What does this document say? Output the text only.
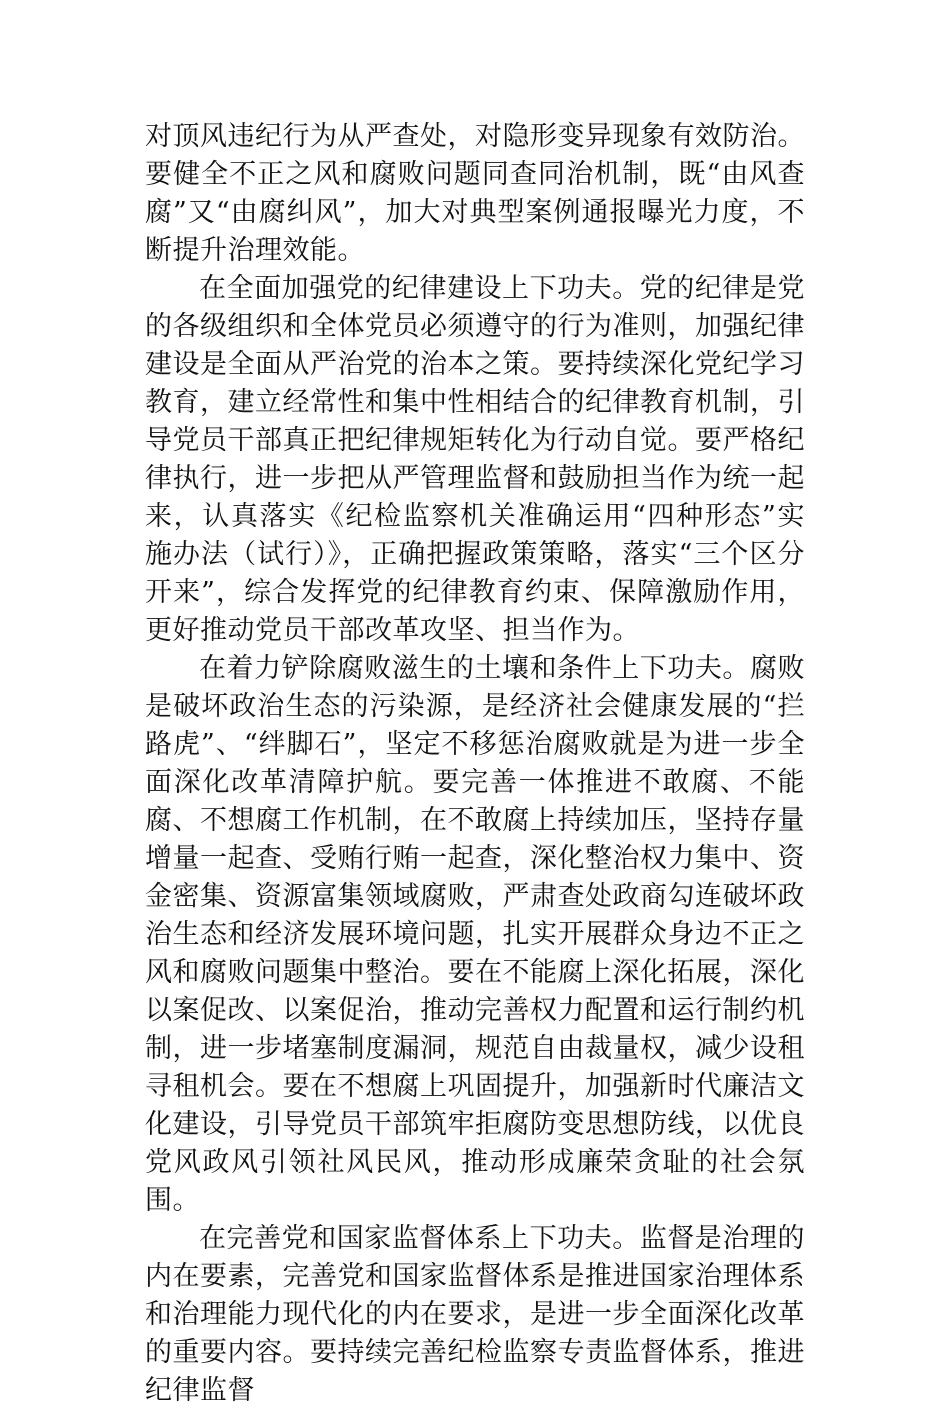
对顶风违纪行为从严查处，对隐形变异现象有效防治。要健全不正之风和腐败问题同查同治机制，既“由风查腐”又“由腐纠风”，加大对典型案例通报曝光力度，不断提升治理效能。

在全面加强党的纪律建设上下功夫。党的纪律是党的各级组织和全体党员必须遵守的行为准则，加强纪律建设是全面从严治党的治本之策。要持续深化党纪学习教育，建立经常性和集中性相结合的纪律教育机制，引导党员干部真正把纪律规矩转化为行动自觉。要严格纪律执行，进一步把从严管理监督和鼓励担当作为统一起来，认真落实《纪检监察机关准确运用“四种形态”实施办法（试行）》，正确把握政策策略，落实“三个区分开来”，综合发挥党的纪律教育约束、保障激励作用，更好推动党员干部改革攻坚、担当作为。

在着力铲除腐败滋生的土壤和条件上下功夫。腐败是破坏政治生态的污染源，是经济社会健康发展的“拦路虎”、“绊脚石”，坚定不移惩治腐败就是为进一步全面深化改革清障护航。要完善一体推进不敢腐、不能腐、不想腐工作机制，在不敢腐上持续加压，坚持存量增量一起查、受贿行贿一起查，深化整治权力集中、资金密集、资源富集领域腐败，严肃查处政商勾连破坏政治生态和经济发展环境问题，扎实开展群众身边不正之风和腐败问题集中整治。要在不能腐上深化拓展，深化以案促改、以案促治，推动完善权力配置和运行制约机制，进一步堵塞制度漏洞，规范自由裁量权，减少设租寻租机会。要在不想腐上巩固提升，加强新时代廉洁文化建设，引导党员干部筑牢拒腐防变思想防线，以优良党风政风引领社风民风，推动形成廉荣贪耻的社会氛围。

在完善党和国家监督体系上下功夫。监督是治理的内在要素，完善党和国家监督体系是推进国家治理体系和治理能力现代化的内在要求，是进一步全面深化改革的重要内容。要持续完善纪检监察专责监督体系，推进纪律监督
